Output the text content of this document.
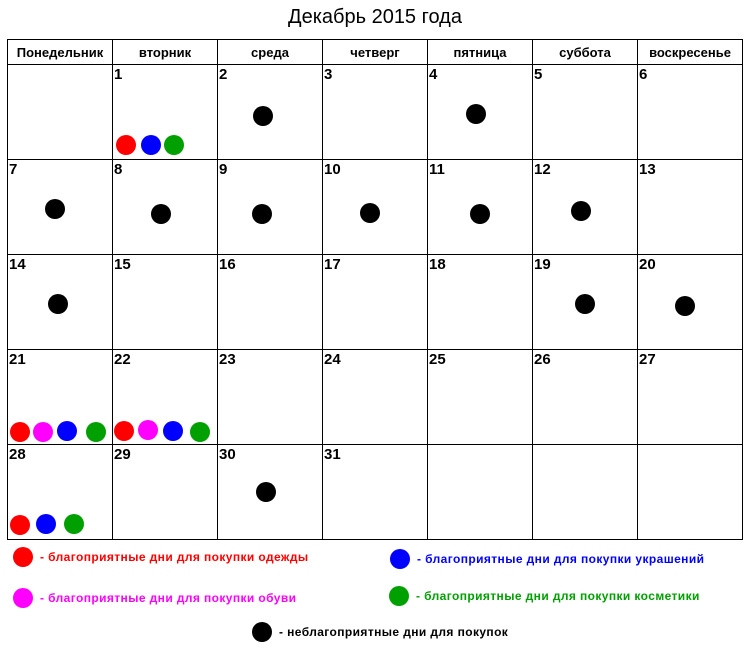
Декабрь 2015 года
Понедельник	вторник	среда	четверг	пятница	суббота	воскресенье

	1	2	3	4	5	6

7	8	9	10	11	12	13

14	15	16	17	18	19	20

21	22	23	24	25	26	27

28	29	30	31			

- благоприятные дни для покупки одежды	- благоприятные дни для покупки украшений
- благоприятные дни для покупки обуви	- благоприятные дни для покупки косметики
- неблагоприятные дни для покупок
